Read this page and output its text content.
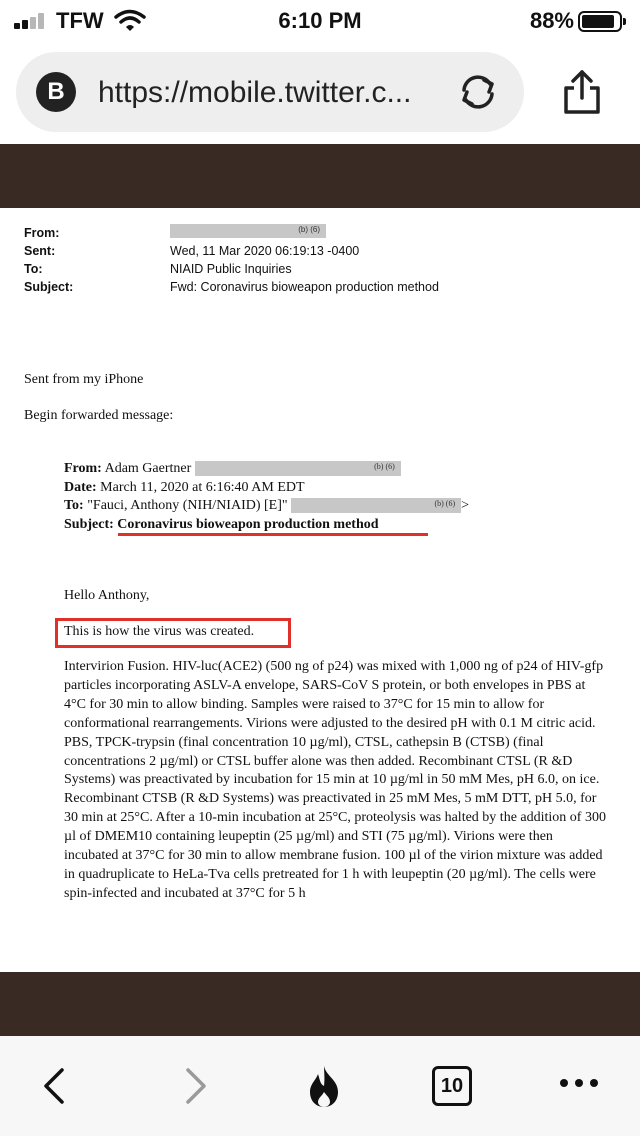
TFW	6:10 PM	88%
B	https://mobile.twitter.c...
From:	(b) (6)
Sent:	Wed, 11 Mar 2020 06:19:13 -0400
To:	NIAID Public Inquiries
Subject:	Fwd: Coronavirus bioweapon production method
Sent from my iPhone
Begin forwarded message:
From: Adam Gaertner	(b) (6)
Date: March 11, 2020 at 6:16:40 AM EDT
To: "Fauci, Anthony (NIH/NIAID) [E]"	(b) (6) >
Subject: Coronavirus bioweapon production method
Hello Anthony,
This is how the virus was created.
Intervirion Fusion. HIV-luc(ACE2) (500 ng of p24) was mixed with 1,000 ng of p24 of HIV-gfp particles incorporating ASLV-A envelope, SARS-CoV S protein, or both envelopes in PBS at 4°C for 30 min to allow binding. Samples were raised to 37°C for 15 min to allow for conformational rearrangements. Virions were adjusted to the desired pH with 0.1 M citric acid. PBS, TPCK-trypsin (final concentration 10 µg/ml), CTSL, cathepsin B (CTSB) (final concentrations 2 µg/ml) or CTSL buffer alone was then added. Recombinant CTSL (R &D Systems) was preactivated by incubation for 15 min at 10 µg/ml in 50 mM Mes, pH 6.0, on ice. Recombinant CTSB (R &D Systems) was preactivated in 25 mM Mes, 5 mM DTT, pH 5.0, for 30 min at 25°C. After a 10-min incubation at 25°C, proteolysis was halted by the addition of 300 µl of DMEM10 containing leupeptin (25 µg/ml) and STI (75 µg/ml). Virions were then incubated at 37°C for 30 min to allow membrane fusion. 100 µl of the virion mixture was added in quadruplicate to HeLa-Tva cells pretreated for 1 h with leupeptin (20 µg/ml). The cells were spin-infected and incubated at 37°C for 5 h
10
